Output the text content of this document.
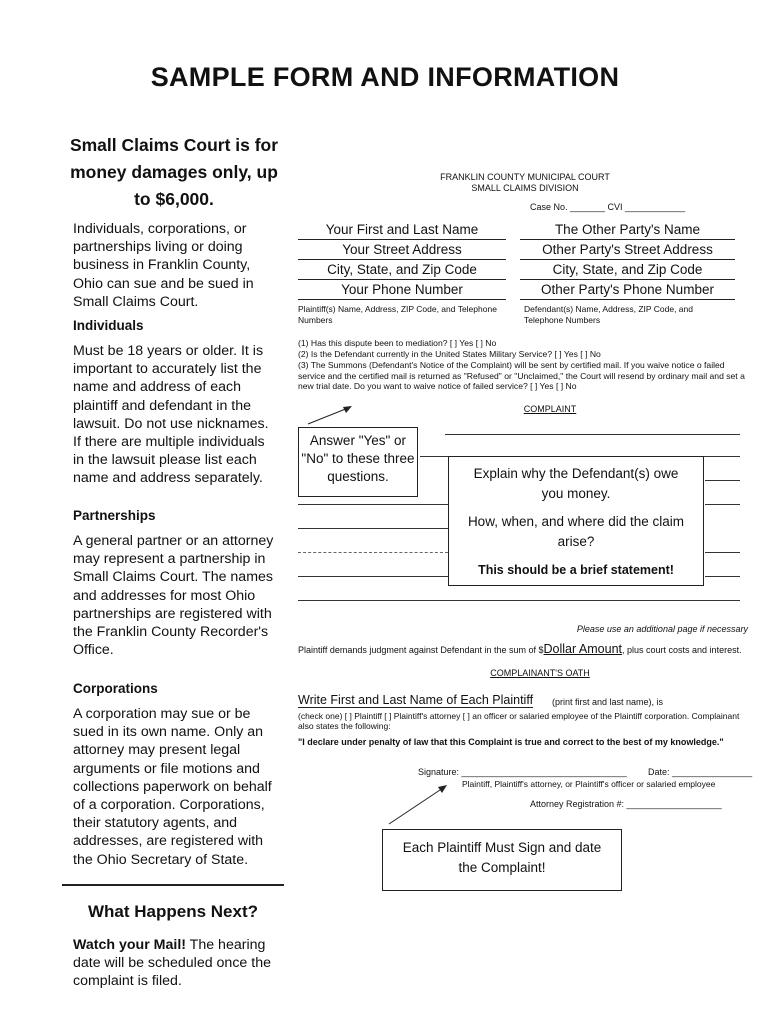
SAMPLE FORM AND INFORMATION
Small Claims Court is for money damages only, up to $6,000.
Individuals, corporations, or partnerships living or doing business in Franklin County, Ohio can sue and be sued in Small Claims Court.
Individuals
Must be 18 years or older. It is important to accurately list the name and address of each plaintiff and defendant in the lawsuit. Do not use nicknames. If there are multiple individuals in the lawsuit please list each name and address separately.
Partnerships
A general partner or an attorney may represent a partnership in Small Claims Court. The names and addresses for most Ohio partnerships are registered with the Franklin County Recorder's Office.
Corporations
A corporation may sue or be sued in its own name. Only an attorney may present legal arguments or file motions and collections paperwork on behalf of a corporation. Corporations, their statutory agents, and addresses, are registered with the Ohio Secretary of State.
What Happens Next?
Watch your Mail! The hearing date will be scheduled once the complaint is filed.
FRANKLIN COUNTY MUNICIPAL COURT
SMALL CLAIMS DIVISION
Case No. _______ CVI ____________
Your First and Last Name
Your Street Address
City, State, and Zip Code
Your Phone Number
Plaintiff(s) Name, Address, ZIP Code, and Telephone Numbers
The Other Party's Name
Other Party's Street Address
City, State, and Zip Code
Other Party's Phone Number
Defendant(s) Name, Address, ZIP Code, and Telephone Numbers
(1) Has this dispute been to mediation? [ ] Yes [ ] No
(2) Is the Defendant currently in the United States Military Service? [ ] Yes [ ] No
(3) The Summons (Defendant's Notice of the Complaint) will be sent by certified mail. If you waive notice o failed service and the certified mail is returned as "Refused" or "Unclaimed," the Court will resend by ordinary mail and set a new trial date. Do you want to waive notice of failed service? [ ] Yes [ ] No
COMPLAINT
Answer "Yes" or "No" to these three questions.	Explain why the Defendant(s) owe you money.
How, when, and where did the claim arise?
This should be a brief statement!
Please use an additional page if necessary
Plaintiff demands judgment against Defendant in the sum of $Dollar Amount, plus court costs and interest.
COMPLAINANT'S OATH
Write First and Last Name of Each Plaintiff (print first and last name), is
(check one) [ ] Plaintiff [ ] Plaintiff's attorney [ ] an officer or salaried employee of the Plaintiff corporation. Complainant also states the following:
"I declare under penalty of law that this Complaint is true and correct to the best of my knowledge."
Signature: _________________________________ Date: ________________
Plaintiff, Plaintiff's attorney, or Plaintiff's officer or salaried employee
Attorney Registration #: ___________________
Each Plaintiff Must Sign and date the Complaint!
